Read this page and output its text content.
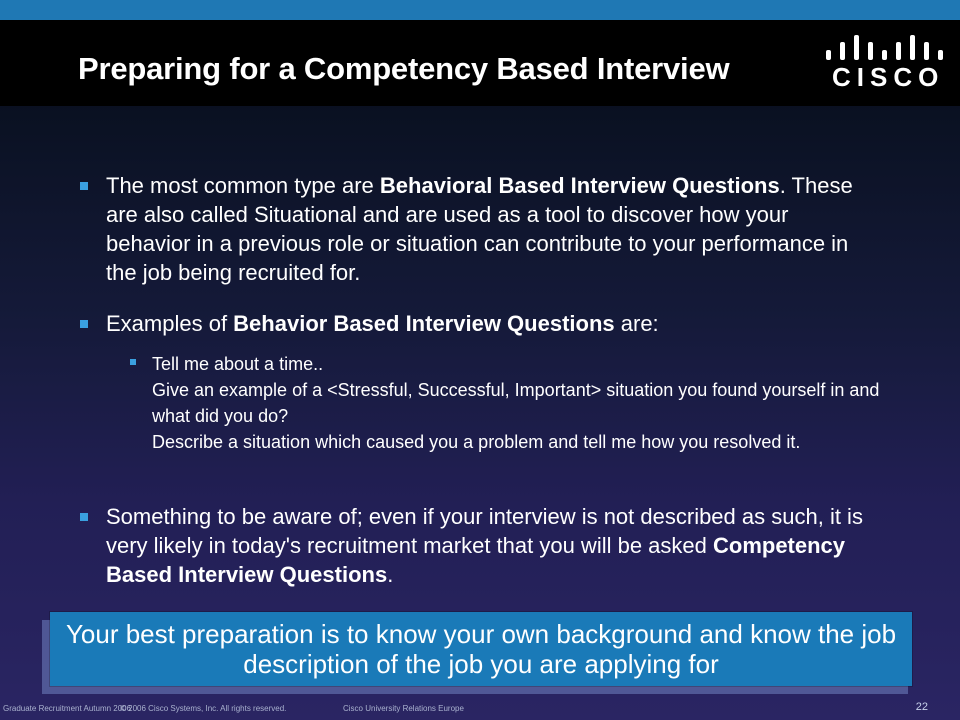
Preparing for a Competency Based Interview	CISCO
The most common type are Behavioral Based Interview Questions. These are also called Situational and are used as a tool to discover how your behavior in a previous role or situation can contribute to your performance in the job being recruited for.
Examples of Behavior Based Interview Questions are:
Tell me about a time..
Give an example of a <Stressful, Successful, Important> situation you found yourself in and what did you do?
Describe a situation which caused you a problem and tell me how you resolved it.
Something to be aware of; even if your interview is not described as such, it is very likely in today's recruitment market that you will be asked Competency Based Interview Questions.
Your best preparation is to know your own background and know the job description of the job you are applying for
Graduate Recruitment Autumn 2006
© 2006 Cisco Systems, Inc. All rights reserved.	Cisco University Relations Europe	22
